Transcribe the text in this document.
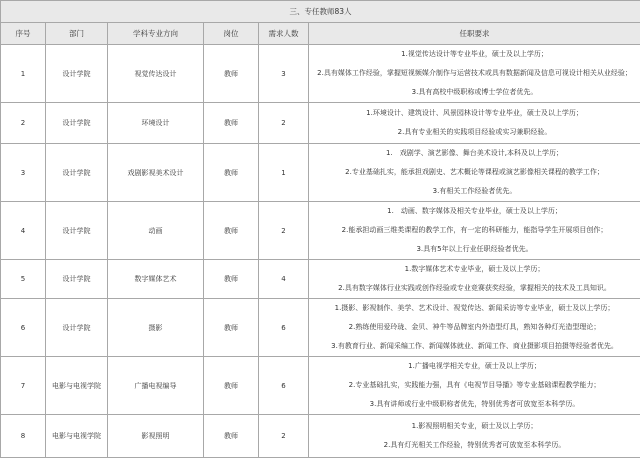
三、专任教师83人					
序号	部门	学科专业方向	岗位	需求人数	任职要求
1	设计学院	视觉传达设计	教师	3	1.视觉传达设计等专业毕业，硕士及以上学历；
2.具有媒体工作经验，掌握短视频媒介制作与运营技术或具有数据新闻及信息可视设计相关从业经验；
3.具有高校中级职称或博士学位者优先。

2	设计学院	环境设计	教师	2	1.环境设计、建筑设计、风景园林设计等专业毕业，硕士及以上学历；
2.具有专业相关的实践项目经验或实习兼职经验。

3	设计学院	戏剧影视美术设计	教师	1	1.　戏剧学、演艺影像、舞台美术设计,本科及以上学历；
2.专业基础扎实，能承担戏剧史、艺术概论等课程或演艺影像相关课程的教学工作；
3.有相关工作经验者优先。

4	设计学院	动画	教师	2	1.　动画、数字媒体及相关专业毕业，硕士及以上学历；
2.能承担动画三维类课程的教学工作，有一定的科研能力，能指导学生开展项目创作；
3.具有5年以上行业任职经验者优先。

5	设计学院	数字媒体艺术	教师	4	1.数字媒体艺术专业毕业，硕士及以上学历；
2.具有数字媒体行业实践或创作经验或专业竞赛获奖经验，掌握相关的技术及工具知识。

6	设计学院	摄影	教师	6	1.摄影、影视制作、美学、艺术设计、视觉传达、新闻采访等专业毕业，硕士及以上学历；
2.熟练使用爱玲珑、金贝、神牛等品牌室内外造型灯具，熟知各种灯光造型理论；
3.有教育行业、新闻采编工作、新闻媒体就业、新闻工作、商业摄影项目拍摄等经验者优先。

7	电影与电视学院	广播电视编导	教师	6	1.广播电视学相关专业，硕士及以上学历；
2.专业基础扎实，实践能力强，具有《电视节目导播》等专业基础课程教学能力；
3.具有讲师或行业中级职称者优先，特别优秀者可放宽至本科学历。

8	电影与电视学院	影视照明	教师	2	1.影视照明相关专业，硕士及以上学历；
2.具有灯光相关工作经验，特别优秀者可放宽至本科学历。
